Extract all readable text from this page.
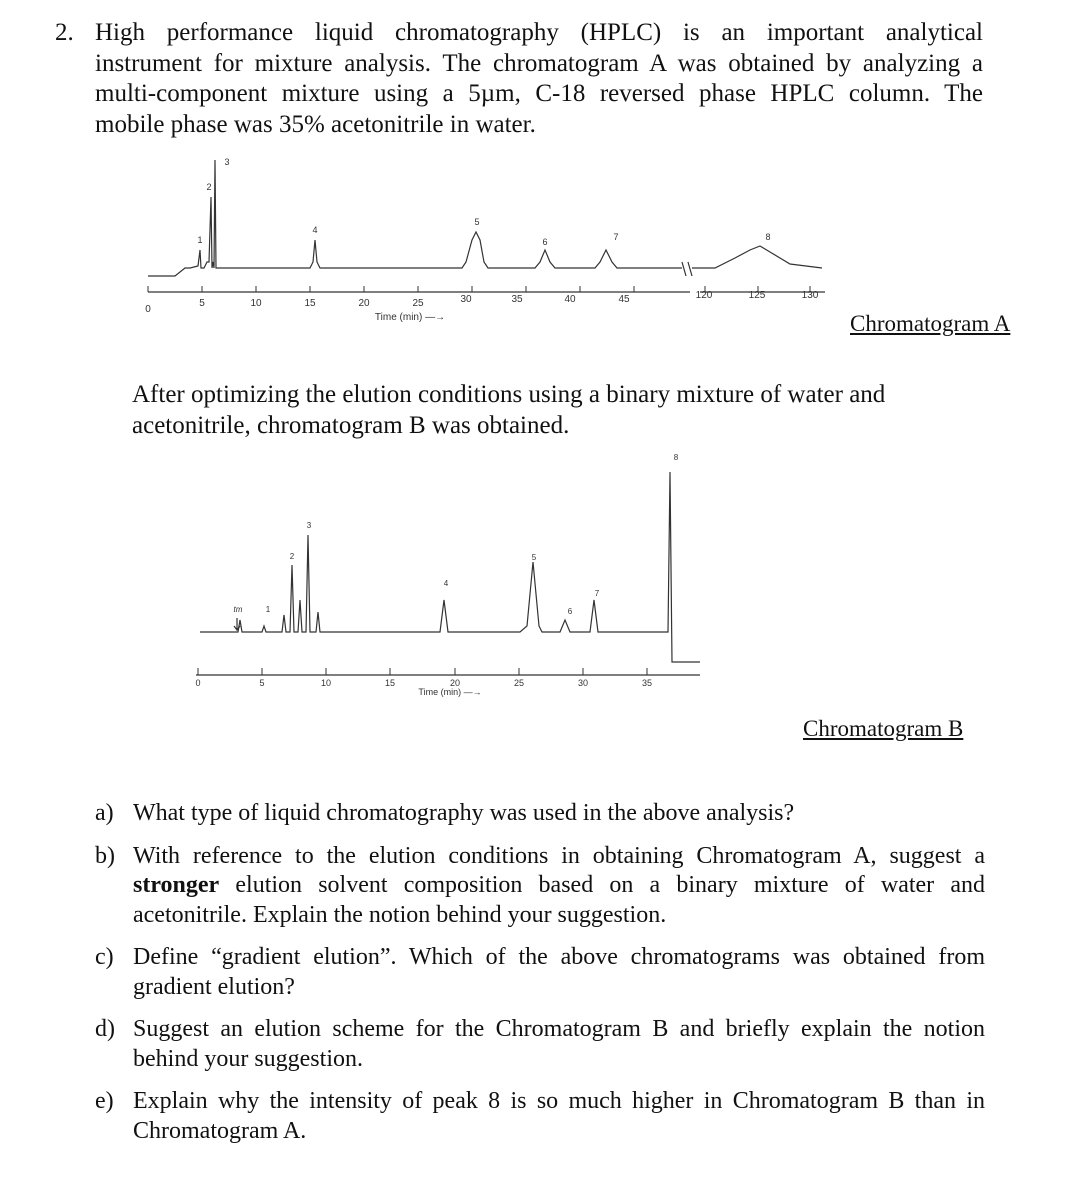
2. High performance liquid chromatography (HPLC) is an important analytical
instrument for mixture analysis. The chromatogram A was obtained by analyzing a
multi-component mixture using a 5µm, C-18 reversed phase HPLC column. The
mobile phase was 35% acetonitrile in water.
0
5	10	15	20	25	30	35	40	45	120	125	130
Time (min) —→
1
2
3
4
5
6	7	8
Chromatogram A
After optimizing the elution conditions using a binary mixture of water and
acetonitrile, chromatogram B was obtained.
0	5	10	15	20	25	30	35
Time (min) —→
tm	1
2
3
4
5
6
7
8
Chromatogram B
a) What type of liquid chromatography was used in the above analysis?
b) With reference to the elution conditions in obtaining Chromatogram A, suggest a stronger elution solvent composition based on a binary mixture of water and acetonitrile. Explain the notion behind your suggestion.
c) Define “gradient elution”. Which of the above chromatograms was obtained from gradient elution?
d) Suggest an elution scheme for the Chromatogram B and briefly explain the notion behind your suggestion.
e) Explain why the intensity of peak 8 is so much higher in Chromatogram B than in Chromatogram A.
